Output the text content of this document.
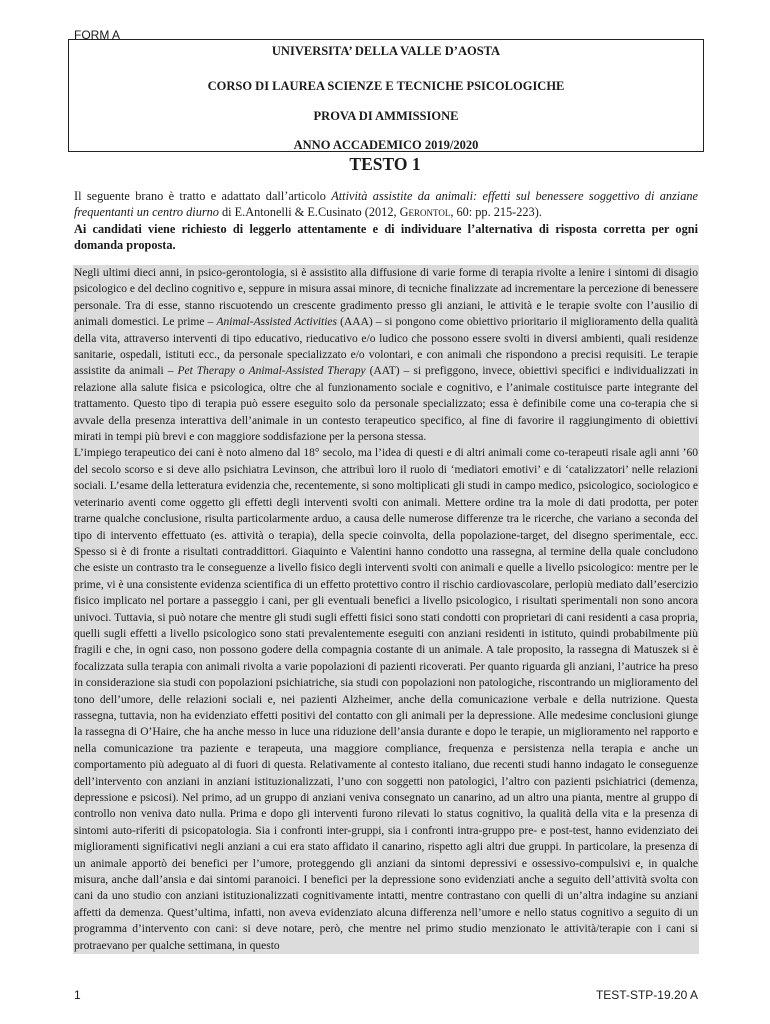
FORM A
UNIVERSITA’ DELLA VALLE D’AOSTA
CORSO DI LAUREA SCIENZE E TECNICHE PSICOLOGICHE
PROVA DI AMMISSIONE
ANNO ACCADEMICO 2019/2020
TESTO 1

Il seguente brano è tratto e adattato dall’articolo Attività assistite da animali: effetti sul benessere soggettivo di anziane frequentanti un centro diurno di E.Antonelli & E.Cusinato (2012, Gerontol, 60: pp. 215-223).

Ai candidati viene richiesto di leggerlo attentamente e di individuare l’alternativa di risposta corretta per ogni domanda proposta.

Negli ultimi dieci anni, in psico-gerontologia, si è assistito alla diffusione di varie forme di terapia rivolte a lenire i sintomi di disagio psicologico e del declino cognitivo e, seppure in misura assai minore, di tecniche finalizzate ad incrementare la percezione di benessere personale. Tra di esse, stanno riscuotendo un crescente gradimento presso gli anziani, le attività e le terapie svolte con l’ausilio di animali domestici. Le prime – Animal-Assisted Activities (AAA) – si pongono come obiettivo prioritario il miglioramento della qualità della vita, attraverso interventi di tipo educativo, rieducativo e/o ludico che possono essere svolti in diversi ambienti, quali residenze sanitarie, ospedali, istituti ecc., da personale specializzato e/o volontari, e con animali che rispondono a precisi requisiti. Le terapie assistite da animali – Pet Therapy o Animal-Assisted Therapy (AAT) – si prefiggono, invece, obiettivi specifici e individualizzati in relazione alla salute fisica e psicologica, oltre che al funzionamento sociale e cognitivo, e l’animale costituisce parte integrante del trattamento. Questo tipo di terapia può essere eseguito solo da personale specializzato; essa è definibile come una co-terapia che si avvale della presenza interattiva dell’animale in un contesto terapeutico specifico, al fine di favorire il raggiungimento di obiettivi mirati in tempi più brevi e con maggiore soddisfazione per la persona stessa.

L’impiego terapeutico dei cani è noto almeno dal 18° secolo, ma l’idea di questi e di altri animali come co-terapeuti risale agli anni ’60 del secolo scorso e si deve allo psichiatra Levinson, che attribuì loro il ruolo di ‘mediatori emotivi’ e di ‘catalizzatori’ nelle relazioni sociali. L’esame della letteratura evidenzia che, recentemente, si sono moltiplicati gli studi in campo medico, psicologico, sociologico e veterinario aventi come oggetto gli effetti degli interventi svolti con animali. Mettere ordine tra la mole di dati prodotta, per poter trarne qualche conclusione, risulta particolarmente arduo, a causa delle numerose differenze tra le ricerche, che variano a seconda del tipo di intervento effettuato (es. attività o terapia), della specie coinvolta, della popolazione-target, del disegno sperimentale, ecc. Spesso si è di fronte a risultati contraddittori. Giaquinto e Valentini hanno condotto una rassegna, al termine della quale concludono che esiste un contrasto tra le conseguenze a livello fisico degli interventi svolti con animali e quelle a livello psicologico: mentre per le prime, vi è una consistente evidenza scientifica di un effetto protettivo contro il rischio cardiovascolare, perlopiù mediato dall’esercizio fisico implicato nel portare a passeggio i cani, per gli eventuali benefici a livello psicologico, i risultati sperimentali non sono ancora univoci. Tuttavia, si può notare che mentre gli studi sugli effetti fisici sono stati condotti con proprietari di cani residenti a casa propria, quelli sugli effetti a livello psicologico sono stati prevalentemente eseguiti con anziani residenti in istituto, quindi probabilmente più fragili e che, in ogni caso, non possono godere della compagnia costante di un animale. A tale proposito, la rassegna di Matuszek si è focalizzata sulla terapia con animali rivolta a varie popolazioni di pazienti ricoverati. Per quanto riguarda gli anziani, l’autrice ha preso in considerazione sia studi con popolazioni psichiatriche, sia studi con popolazioni non patologiche, riscontrando un miglioramento del tono dell’umore, delle relazioni sociali e, nei pazienti Alzheimer, anche della comunicazione verbale e della nutrizione. Questa rassegna, tuttavia, non ha evidenziato effetti positivi del contatto con gli animali per la depressione. Alle medesime conclusioni giunge la rassegna di O’Haire, che ha anche messo in luce una riduzione dell’ansia durante e dopo le terapie, un miglioramento nel rapporto e nella comunicazione tra paziente e terapeuta, una maggiore compliance, frequenza e persistenza nella terapia e anche un comportamento più adeguato al di fuori di questa. Relativamente al contesto italiano, due recenti studi hanno indagato le conseguenze dell’intervento con anziani in anziani istituzionalizzati, l’uno con soggetti non patologici, l’altro con pazienti psichiatrici (demenza, depressione e psicosi). Nel primo, ad un gruppo di anziani veniva consegnato un canarino, ad un altro una pianta, mentre al gruppo di controllo non veniva dato nulla. Prima e dopo gli interventi furono rilevati lo status cognitivo, la qualità della vita e la presenza di sintomi auto-riferiti di psicopatologia. Sia i confronti inter-gruppi, sia i confronti intra-gruppo pre- e post-test, hanno evidenziato dei miglioramenti significativi negli anziani a cui era stato affidato il canarino, rispetto agli altri due gruppi. In particolare, la presenza di un animale apportò dei benefici per l’umore, proteggendo gli anziani da sintomi depressivi e ossessivo-compulsivi e, in qualche misura, anche dall’ansia e dai sintomi paranoici. I benefici per la depressione sono evidenziati anche a seguito dell’attività svolta con cani da uno studio con anziani istituzionalizzati cognitivamente intatti, mentre contrastano con quelli di un’altra indagine su anziani affetti da demenza. Quest’ultima, infatti, non aveva evidenziato alcuna differenza nell’umore e nello status cognitivo a seguito di un programma d’intervento con cani: si deve notare, però, che mentre nel primo studio menzionato le attività/terapie con i cani si protraevano per qualche settimana, in questo

1	TEST-STP-19.20 A
